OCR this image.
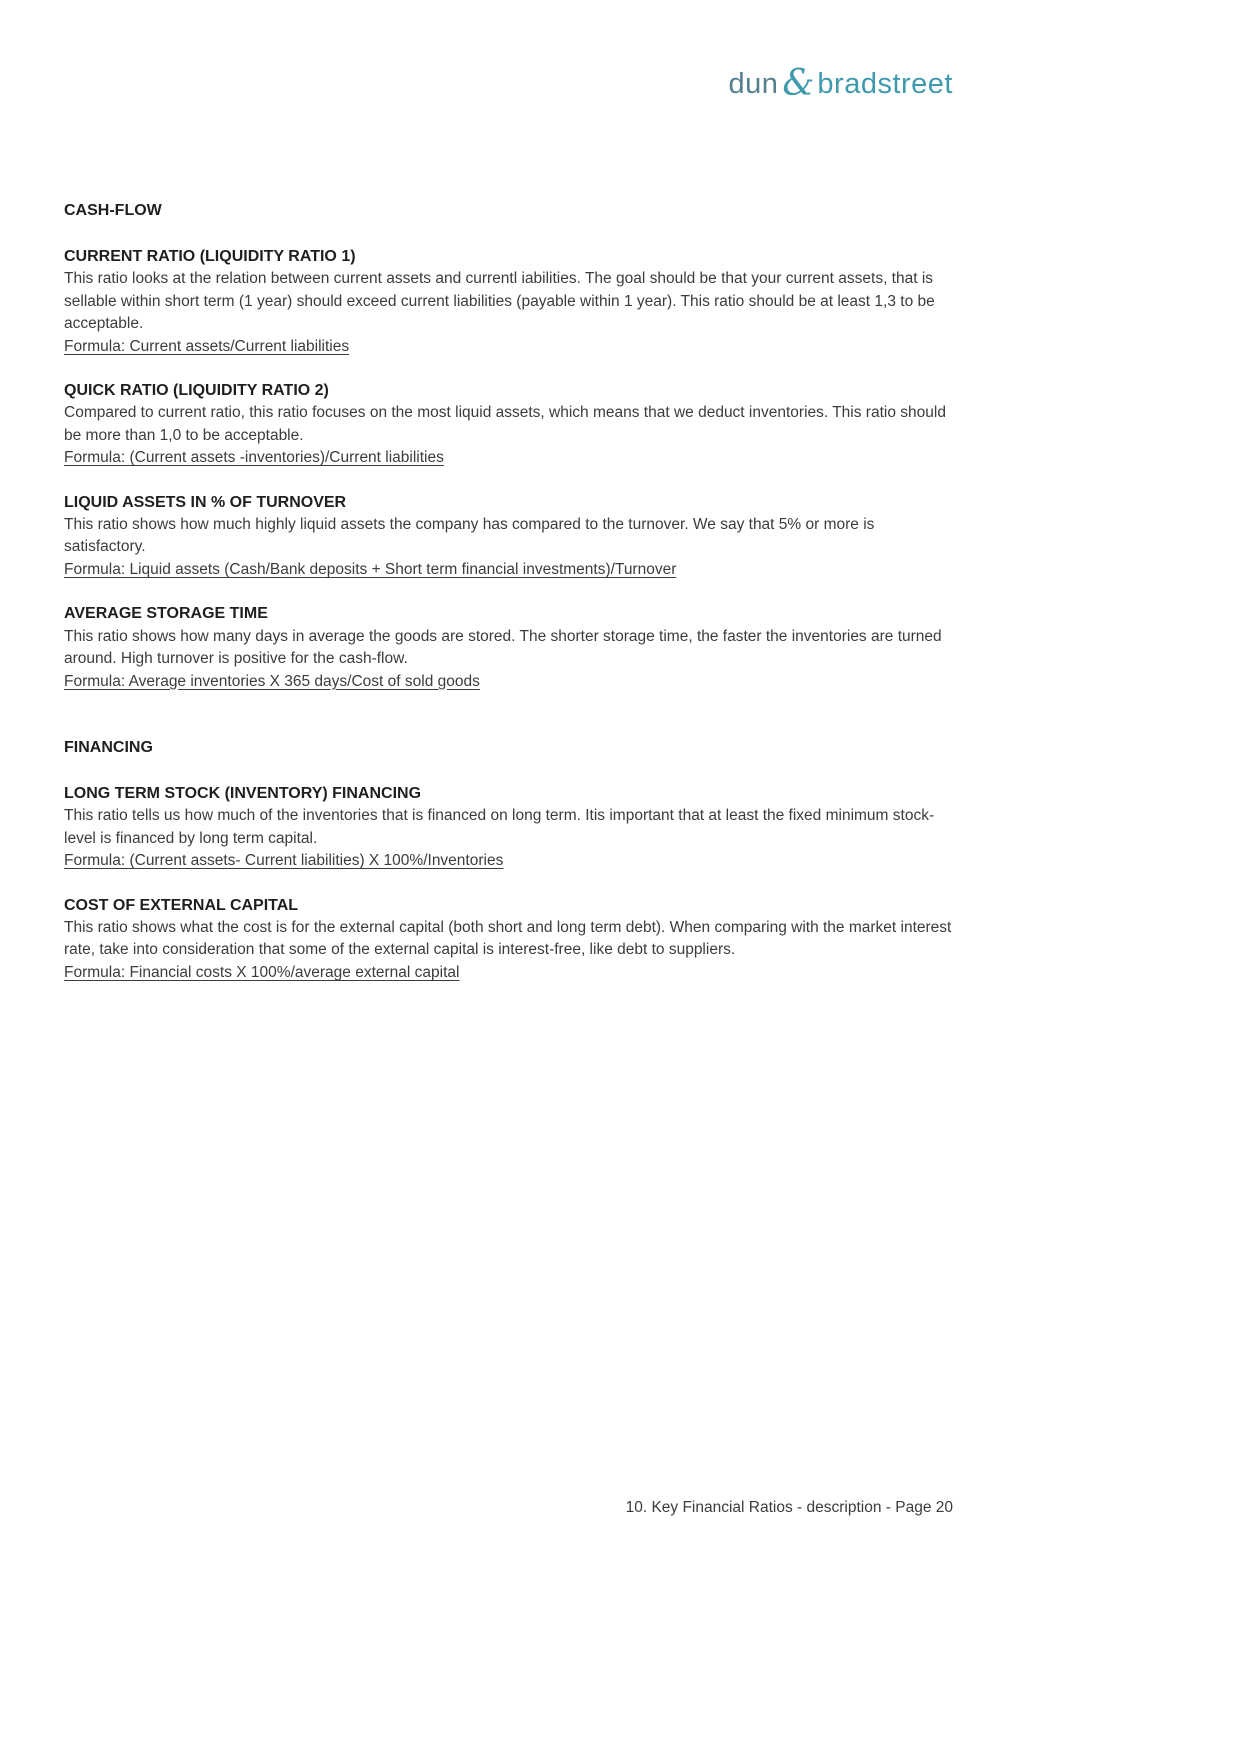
dun & bradstreet
CASH-FLOW
CURRENT RATIO (LIQUIDITY RATIO 1)

This ratio looks at the relation between current assets and currentl iabilities. The goal should be that your current assets, that is sellable within short term (1 year) should exceed current liabilities (payable within 1 year). This ratio should be at least 1,3 to be acceptable.

Formula: Current assets/Current liabilities

QUICK RATIO (LIQUIDITY RATIO 2)

Compared to current ratio, this ratio focuses on the most liquid assets, which means that we deduct inventories. This ratio should be more than 1,0 to be acceptable.

Formula: (Current assets -inventories)/Current liabilities

LIQUID ASSETS IN % OF TURNOVER

This ratio shows how much highly liquid assets the company has compared to the turnover. We say that 5% or more is satisfactory.

Formula: Liquid assets (Cash/Bank deposits + Short term financial investments)/Turnover

AVERAGE STORAGE TIME

This ratio shows how many days in average the goods are stored. The shorter storage time, the faster the inventories are turned around. High turnover is positive for the cash-flow.

Formula: Average inventories X 365 days/Cost of sold goods

FINANCING
LONG TERM STOCK (INVENTORY) FINANCING

This ratio tells us how much of the inventories that is financed on long term. Itis important that at least the fixed minimum stock-level is financed by long term capital.

Formula: (Current assets- Current liabilities) X 100%/Inventories

COST OF EXTERNAL CAPITAL

This ratio shows what the cost is for the external capital (both short and long term debt). When comparing with the market interest rate, take into consideration that some of the external capital is interest-free, like debt to suppliers.

Formula: Financial costs X 100%/average external capital

10. Key Financial Ratios - description - Page 20
